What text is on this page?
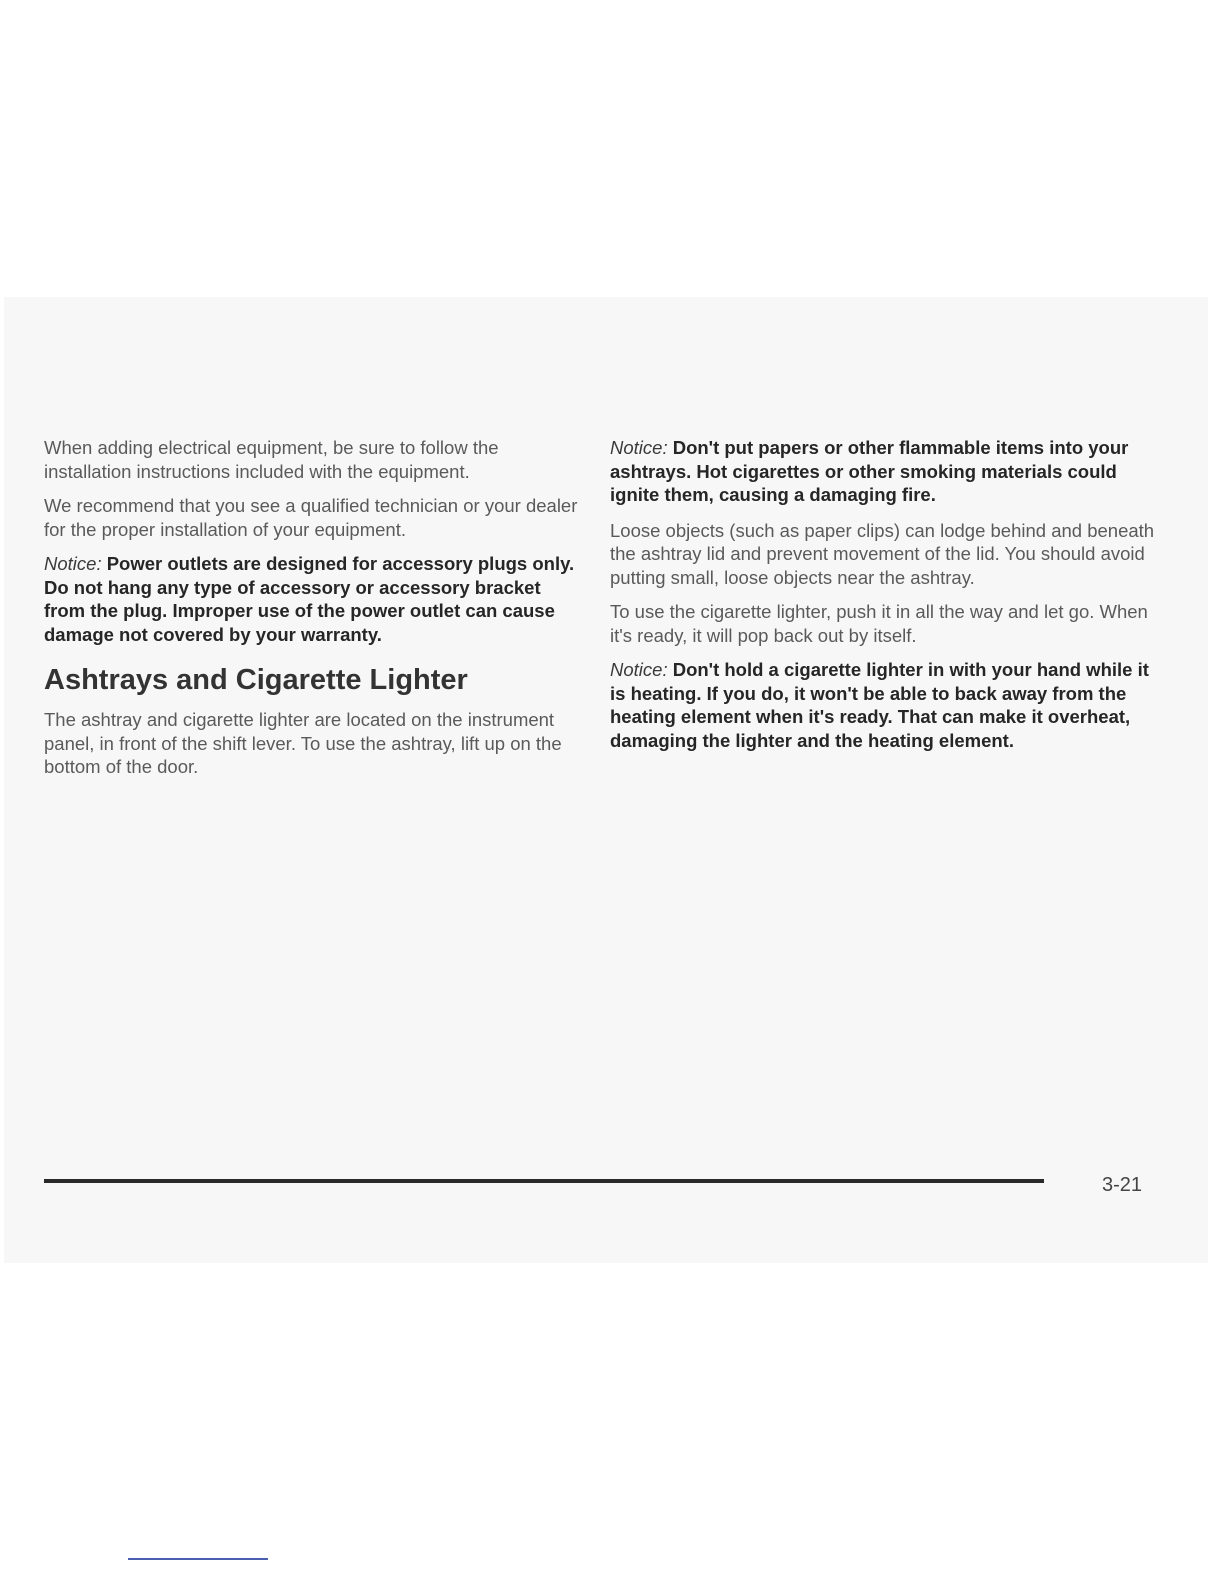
When adding electrical equipment, be sure to follow the installation instructions included with the equipment.

We recommend that you see a qualified technician or your dealer for the proper installation of your equipment.

Notice: Power outlets are designed for accessory plugs only. Do not hang any type of accessory or accessory bracket from the plug. Improper use of the power outlet can cause damage not covered by your warranty.

Ashtrays and Cigarette Lighter

The ashtray and cigarette lighter are located on the instrument panel, in front of the shift lever. To use the ashtray, lift up on the bottom of the door.

Notice: Don't put papers or other flammable items into your ashtrays. Hot cigarettes or other smoking materials could ignite them, causing a damaging fire.

Loose objects (such as paper clips) can lodge behind and beneath the ashtray lid and prevent movement of the lid. You should avoid putting small, loose objects near the ashtray.

To use the cigarette lighter, push it in all the way and let go. When it's ready, it will pop back out by itself.

Notice: Don't hold a cigarette lighter in with your hand while it is heating. If you do, it won't be able to back away from the heating element when it's ready. That can make it overheat, damaging the lighter and the heating element.

3-21
